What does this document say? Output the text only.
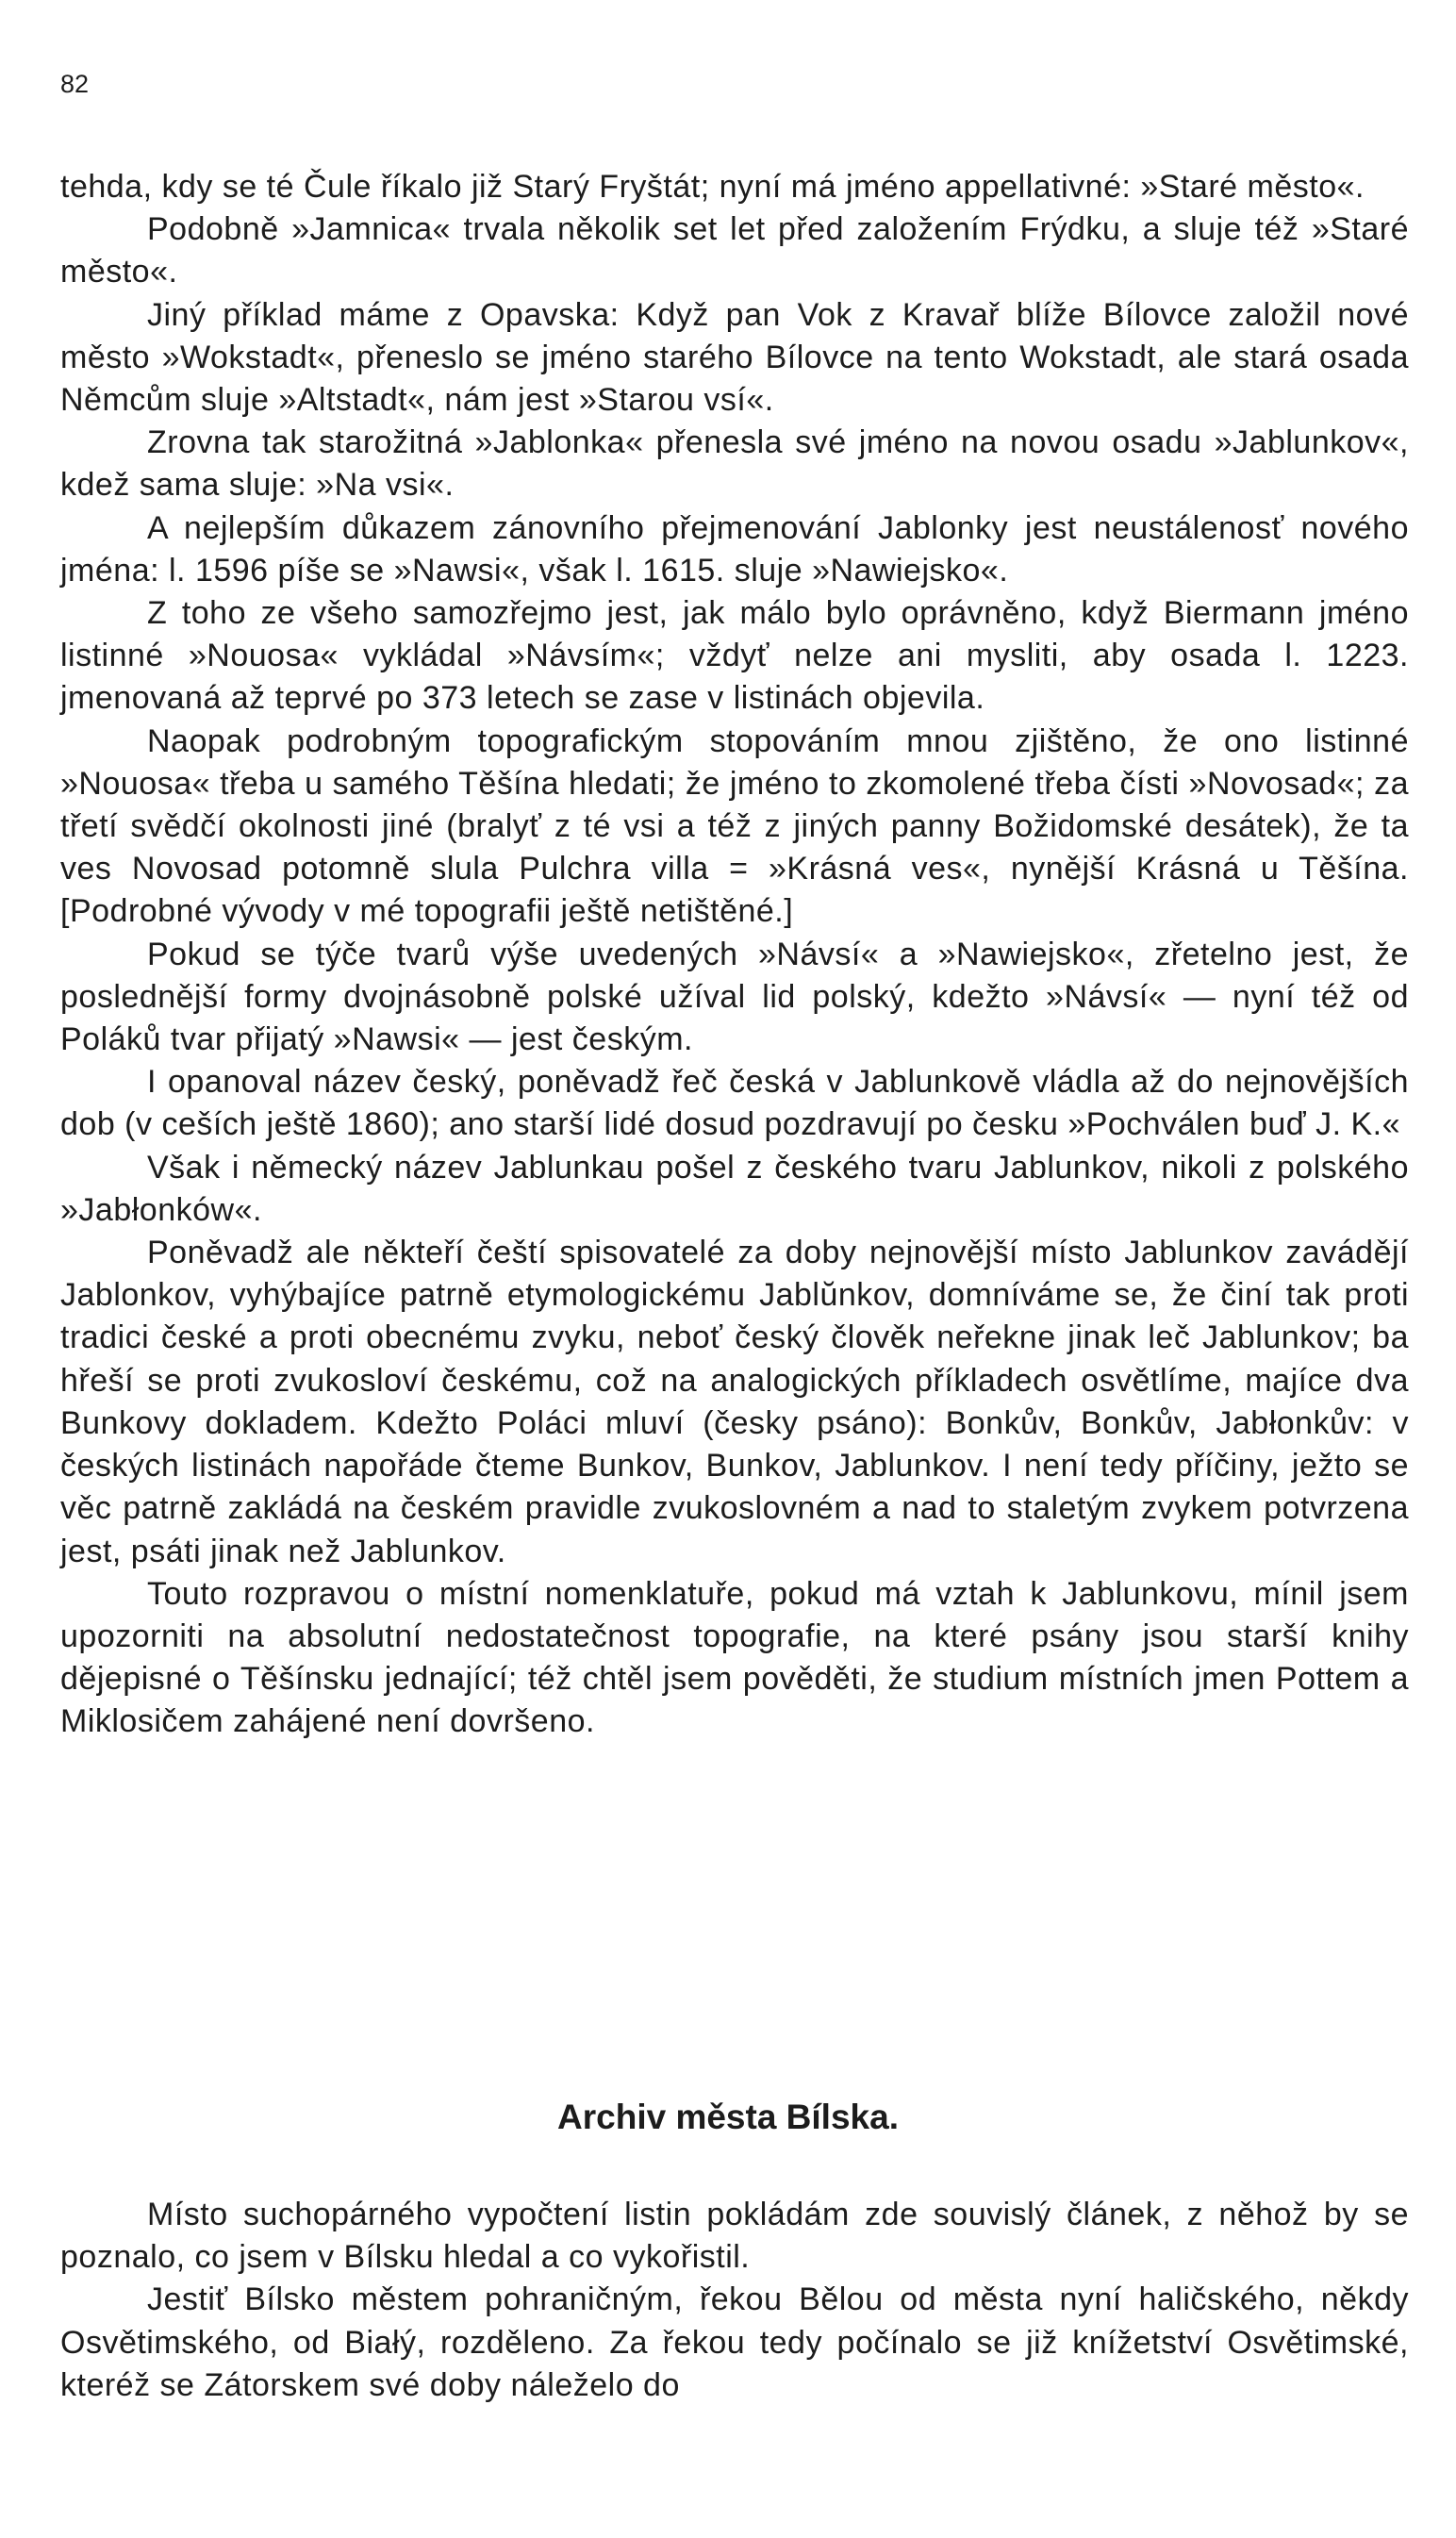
82

tehda, kdy se té Čule říkalo již Starý Fryštát; nyní má jméno appellativné: »Staré město«.

Podobně »Jamnica« trvala několik set let před založením Frýdku, a sluje též »Staré město«.

Jiný příklad máme z Opavska: Když pan Vok z Kravař blíže Bílovce založil nové město »Wokstadt«, přeneslo se jméno starého Bílovce na tento Wokstadt, ale stará osada Němcům sluje »Altstadt«, nám jest »Starou vsí«.

Zrovna tak starožitná »Jablonka« přenesla své jméno na novou osadu »Jablunkov«, kdež sama sluje: »Na vsi«.

A nejlepším důkazem zánovního přejmenování Jablonky jest neustálenosť nového jména: l. 1596 píše se »Nawsi«, však l. 1615. sluje »Nawiejsko«.

Z toho ze všeho samozřejmo jest, jak málo bylo oprávněno, když Biermann jméno listinné »Nouosa« vykládal »Návsím«; vždyť nelze ani mysliti, aby osada l. 1223. jmenovaná až teprvé po 373 letech se zase v listinách objevila.

Naopak podrobným topografickým stopováním mnou zjištěno, že ono listinné »Nouosa« třeba u samého Těšína hledati; že jméno to zkomolené třeba čísti »Novosad«; za třetí svědčí okolnosti jiné (bralyť z té vsi a též z jiných panny Božidomské desátek), že ta ves Novosad potomně slula Pulchra villa = »Krásná ves«, nynější Krásná u Těšína. [Podrobné vývody v mé topografii ještě netištěné.]

Pokud se týče tvarů výše uvedených »Návsí« a »Nawiejsko«, zřetelno jest, že poslednější formy dvojnásobně polské užíval lid polský, kdežto »Návsí« — nyní též od Poláků tvar přijatý »Nawsi« — jest českým.

I opanoval název český, poněvadž řeč česká v Jablunkově vládla až do nejnovějších dob (v ceších ještě 1860); ano starší lidé dosud pozdravují po česku »Pochválen buď J. K.«

Však i německý název Jablunkau pošel z českého tvaru Jablunkov, nikoli z polského »Jabłonków«.

Poněvadž ale někteří čeští spisovatelé za doby nejnovější místo Jablunkov zavádějí Jablonkov, vyhýbajíce patrně etymologickému Jablŭnkov, domníváme se, že činí tak proti tradici české a proti obecnému zvyku, neboť český člověk neřekne jinak leč Jablunkov; ba hřeší se proti zvukosloví českému, což na analogických příkladech osvětlíme, majíce dva Bunkovy dokladem. Kdežto Poláci mluví (česky psáno): Bonkův, Bonkův, Jabłonkův: v českých listinách napořáde čteme Bunkov, Bunkov, Jablunkov. I není tedy příčiny, ježto se věc patrně zakládá na českém pravidle zvukoslovném a nad to staletým zvykem potvrzena jest, psáti jinak než Jablunkov.

Touto rozpravou o místní nomenklatuře, pokud má vztah k Jablunkovu, mínil jsem upozorniti na absolutní nedostatečnost topografie, na které psány jsou starší knihy dějepisné o Těšínsku jednající; též chtěl jsem pověděti, že studium místních jmen Pottem a Miklosičem zahájené není dovršeno.

Archiv města Bílska.

Místo suchopárného vypočtení listin pokládám zde souvislý článek, z něhož by se poznalo, co jsem v Bílsku hledal a co vykořistil.

Jestiť Bílsko městem pohraničným, řekou Bělou od města nyní haličského, někdy Osvětimského, od Białý, rozděleno. Za řekou tedy počínalo se již knížetství Osvětimské, kteréž se Zátorskem své doby náleželo do
